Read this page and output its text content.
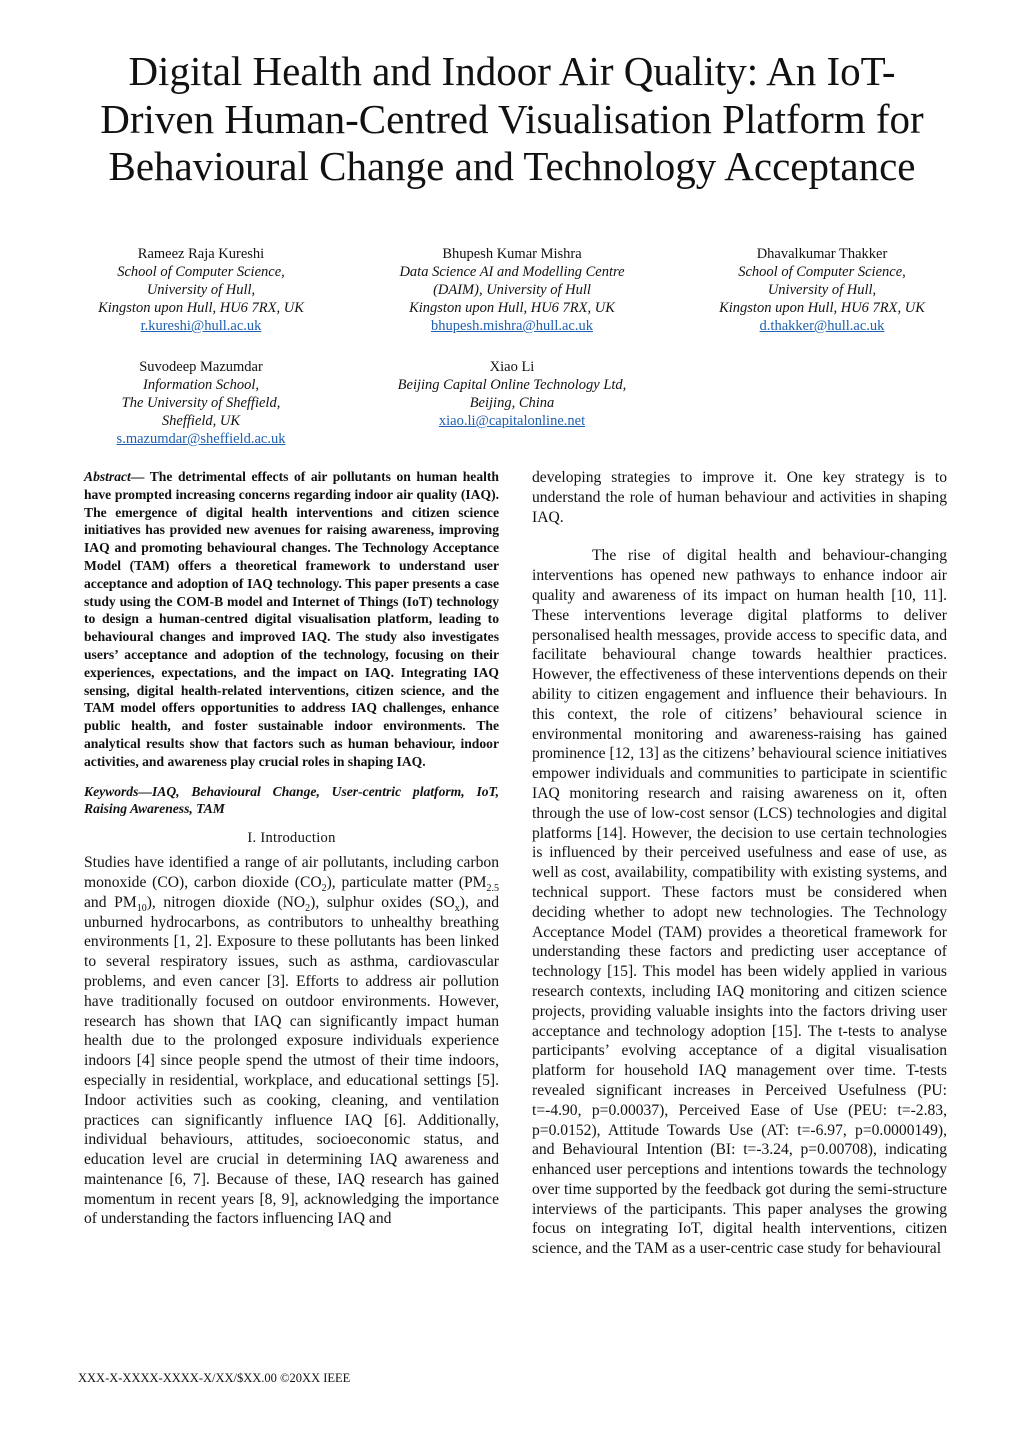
Digital Health and Indoor Air Quality: An IoT-
Driven Human-Centred Visualisation Platform for
Behavioural Change and Technology Acceptance
Rameez Raja Kureshi
School of Computer Science,
University of Hull,
Kingston upon Hull, HU6 7RX, UK
r.kureshi@hull.ac.uk
Bhupesh Kumar Mishra
Data Science AI and Modelling Centre
(DAIM), University of Hull
Kingston upon Hull, HU6 7RX, UK
bhupesh.mishra@hull.ac.uk
Dhavalkumar Thakker
School of Computer Science,
University of Hull,
Kingston upon Hull, HU6 7RX, UK
d.thakker@hull.ac.uk
Suvodeep Mazumdar
Information School,
The University of Sheffield,
Sheffield, UK
s.mazumdar@sheffield.ac.uk
Xiao Li
Beijing Capital Online Technology Ltd,
Beijing, China
xiao.li@capitalonline.net
Abstract— The detrimental effects of air pollutants on human health have prompted increasing concerns regarding indoor air quality (IAQ). The emergence of digital health interventions and citizen science initiatives has provided new avenues for raising awareness, improving IAQ and promoting behavioural changes. The Technology Acceptance Model (TAM) offers a theoretical framework to understand user acceptance and adoption of IAQ technology. This paper presents a case study using the COM-B model and Internet of Things (IoT) technology to design a human-centred digital visualisation platform, leading to behavioural changes and improved IAQ. The study also investigates users’ acceptance and adoption of the technology, focusing on their experiences, expectations, and the impact on IAQ. Integrating IAQ sensing, digital health-related interventions, citizen science, and the TAM model offers opportunities to address IAQ challenges, enhance public health, and foster sustainable indoor environments. The analytical results show that factors such as human behaviour, indoor activities, and awareness play crucial roles in shaping IAQ.
Keywords—IAQ, Behavioural Change, User-centric platform, IoT, Raising Awareness, TAM
I. Introduction

Studies have identified a range of air pollutants, including carbon monoxide (CO), carbon dioxide $(CO_2)$, particulate matter ($PM_{2.5}$ and $PM_{10}$), nitrogen dioxide $(NO_2)$, sulphur oxides $(SO_x)$, and unburned hydrocarbons, as contributors to unhealthy breathing environments [1, 2]. Exposure to these pollutants has been linked to several respiratory issues, such as asthma, cardiovascular problems, and even cancer [3]. Efforts to address air pollution have traditionally focused on outdoor environments. However, research has shown that IAQ can significantly impact human health due to the prolonged exposure individuals experience indoors [4] since people spend the utmost of their time indoors, especially in residential, workplace, and educational settings [5]. Indoor activities such as cooking, cleaning, and ventilation practices can significantly influence IAQ [6]. Additionally, individual behaviours, attitudes, socioeconomic status, and education level are crucial in determining IAQ awareness and maintenance [6, 7]. Because of these, IAQ research has gained momentum in recent years [8, 9], acknowledging the importance of understanding the factors influencing IAQ and

developing strategies to improve it. One key strategy is to understand the role of human behaviour and activities in shaping IAQ.

The rise of digital health and behaviour-changing interventions has opened new pathways to enhance indoor air quality and awareness of its impact on human health [10, 11]. These interventions leverage digital platforms to deliver personalised health messages, provide access to specific data, and facilitate behavioural change towards healthier practices. However, the effectiveness of these interventions depends on their ability to citizen engagement and influence their behaviours. In this context, the role of citizens’ behavioural science in environmental monitoring and awareness-raising has gained prominence [12, 13] as the citizens’ behavioural science initiatives empower individuals and communities to participate in scientific IAQ monitoring research and raising awareness on it, often through the use of low-cost sensor (LCS) technologies and digital platforms [14]. However, the decision to use certain technologies is influenced by their perceived usefulness and ease of use, as well as cost, availability, compatibility with existing systems, and technical support. These factors must be considered when deciding whether to adopt new technologies. The Technology Acceptance Model (TAM) provides a theoretical framework for understanding these factors and predicting user acceptance of technology [15]. This model has been widely applied in various research contexts, including IAQ monitoring and citizen science projects, providing valuable insights into the factors driving user acceptance and technology adoption [15]. The t-tests to analyse participants’ evolving acceptance of a digital visualisation platform for household IAQ management over time. T-tests revealed significant increases in Perceived Usefulness (PU: t=-4.90, p=0.00037), Perceived Ease of Use (PEU: t=-2.83, p=0.0152), Attitude Towards Use (AT: t=-6.97, p=0.0000149), and Behavioural Intention (BI: t=-3.24, p=0.00708), indicating enhanced user perceptions and intentions towards the technology over time supported by the feedback got during the semi-structure interviews of the participants. This paper analyses the growing focus on integrating IoT, digital health interventions, citizen science, and the TAM as a user-centric case study for behavioural

XXX-X-XXXX-XXXX-X/XX/$XX.00 ©20XX IEEE
